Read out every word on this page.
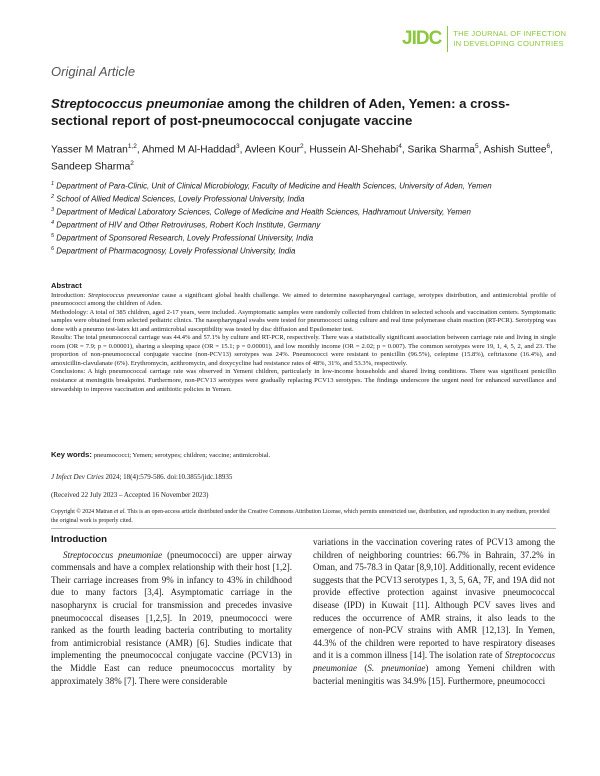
JIDC THE JOURNAL OF INFECTION
IN DEVELOPING COUNTRIES
Original Article
Streptococcus pneumoniae among the children of Aden, Yemen: a cross-sectional report of post-pneumococcal conjugate vaccine
Yasser M Matran$^{1,2}$, Ahmed M Al-Haddad$^3$, Avleen Kour$^2$, Hussein Al-Shehabi$^4$, Sarika Sharma$^5$, Ashish Suttee$^6$, Sandeep Sharma$^2$
$^1$ Department of Para-Clinic, Unit of Clinical Microbiology, Faculty of Medicine and Health Sciences, University of Aden, Yemen
$^2$ School of Allied Medical Sciences, Lovely Professional University, India
$^3$ Department of Medical Laboratory Sciences, College of Medicine and Health Sciences, Hadhramout University, Yemen
$^4$ Department of HIV and Other Retroviruses, Robert Koch Institute, Germany
$^5$ Department of Sponsored Research, Lovely Professional University, India
$^6$ Department of Pharmacognosy, Lovely Professional University, India
Abstract
Introduction: Streptococcus pneumoniae cause a significant global health challenge. We aimed to determine nasopharyngeal carriage, serotypes distribution, and antimicrobial profile of pneumococci among the children of Aden.
Methodology: A total of 385 children, aged 2-17 years, were included. Asymptomatic samples were randomly collected from children in selected schools and vaccination centers. Symptomatic samples were obtained from selected pediatric clinics. The nasopharyngeal swabs were tested for pneumococci using culture and real time polymerase chain reaction (RT-PCR). Serotyping was done with a pneumo test-latex kit and antimicrobial susceptibility was tested by disc diffusion and Epsilometer test.
Results: The total pneumococcal carriage was 44.4% and 57.1% by culture and RT-PCR, respectively. There was a statistically significant association between carriage rate and living in single room (OR = 7.9; p = 0.00001), sharing a sleeping space (OR = 15.1; p = 0.00001), and low monthly income (OR = 2.02; p = 0.007). The common serotypes were 19, 1, 4, 5, 2, and 23. The proportion of non-pneumococcal conjugate vaccine (non-PCV13) serotypes was 24%. Pneumococci were resistant to penicillin (96.5%), cefepime (15.8%), ceftriaxone (16.4%), and amoxicillin-clavulanate (6%). Erythromycin, azithromycin, and doxycycline had resistance rates of 48%, 31%, and 53.3%, respectively.
Conclusions: A high pneumococcal carriage rate was observed in Yemeni children, particularly in low-income households and shared living conditions. There was significant penicillin resistance at meningitis breakpoint. Furthermore, non-PCV13 serotypes were gradually replacing PCV13 serotypes. The findings underscore the urgent need for enhanced surveillance and stewardship to improve vaccination and antibiotic policies in Yemen.
Key words: pneumococci; Yemen; serotypes; children; vaccine; antimicrobial.
J Infect Dev Ctries 2024; 18(4):579-586. doi:10.3855/jidc.18935
(Received 22 July 2023 – Accepted 16 November 2023)
Copyright © 2024 Matran et al. This is an open-access article distributed under the Creative Commons Attribution License, which permits unrestricted use, distribution, and reproduction in any medium, provided the original work is properly cited.
Introduction

Streptococcus pneumoniae (pneumococci) are upper airway commensals and have a complex relationship with their host [1,2]. Their carriage increases from 9% in infancy to 43% in childhood due to many factors [3,4]. Asymptomatic carriage in the nasopharynx is crucial for transmission and precedes invasive pneumococcal diseases [1,2,5]. In 2019, pneumococci were ranked as the fourth leading bacteria contributing to mortality from antimicrobial resistance (AMR) [6]. Studies indicate that implementing the pneumococcal conjugate vaccine (PCV13) in the Middle East can reduce pneumococcus mortality by approximately 38% [7]. There were considerable

variations in the vaccination covering rates of PCV13 among the children of neighboring countries: 66.7% in Bahrain, 37.2% in Oman, and 75-78.3 in Qatar [8,9,10]. Additionally, recent evidence suggests that the PCV13 serotypes 1, 3, 5, 6A, 7F, and 19A did not provide effective protection against invasive pneumococcal disease (IPD) in Kuwait [11]. Although PCV saves lives and reduces the occurrence of AMR strains, it also leads to the emergence of non-PCV strains with AMR [12,13]. In Yemen, 44.3% of the children were reported to have respiratory diseases and it is a common illness [14]. The isolation rate of Streptococcus pneumoniae (S. pneumoniae) among Yemeni children with bacterial meningitis was 34.9% [15]. Furthermore, pneumococci
